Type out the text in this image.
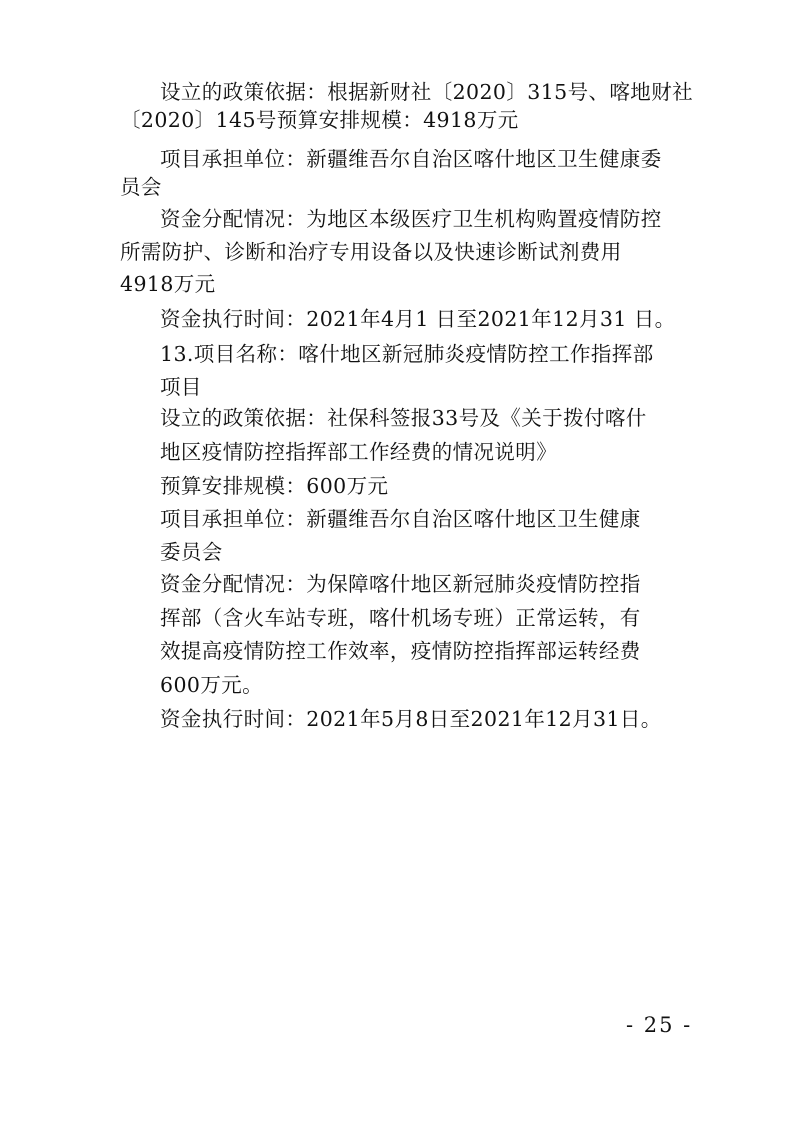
设立的政策依据：根据新财社〔2020〕315号、喀地财社
〔2020〕145号预算安排规模：4918万元
项目承担单位：新疆维吾尔自治区喀什地区卫生健康委
员会
资金分配情况：为地区本级医疗卫生机构购置疫情防控
所需防护、诊断和治疗专用设备以及快速诊断试剂费用
4918万元
资金执行时间：2021年4月1 日至2021年12月31 日。
13.项目名称：喀什地区新冠肺炎疫情防控工作指挥部
项目
设立的政策依据：社保科签报33号及《关于拨付喀什
地区疫情防控指挥部工作经费的情况说明》
预算安排规模：600万元
项目承担单位：新疆维吾尔自治区喀什地区卫生健康
委员会
资金分配情况：为保障喀什地区新冠肺炎疫情防控指
挥部（含火车站专班，喀什机场专班）正常运转，有
效提高疫情防控工作效率，疫情防控指挥部运转经费
600万元。
资金执行时间：2021年5月8日至2021年12月31日。
- 25 -
